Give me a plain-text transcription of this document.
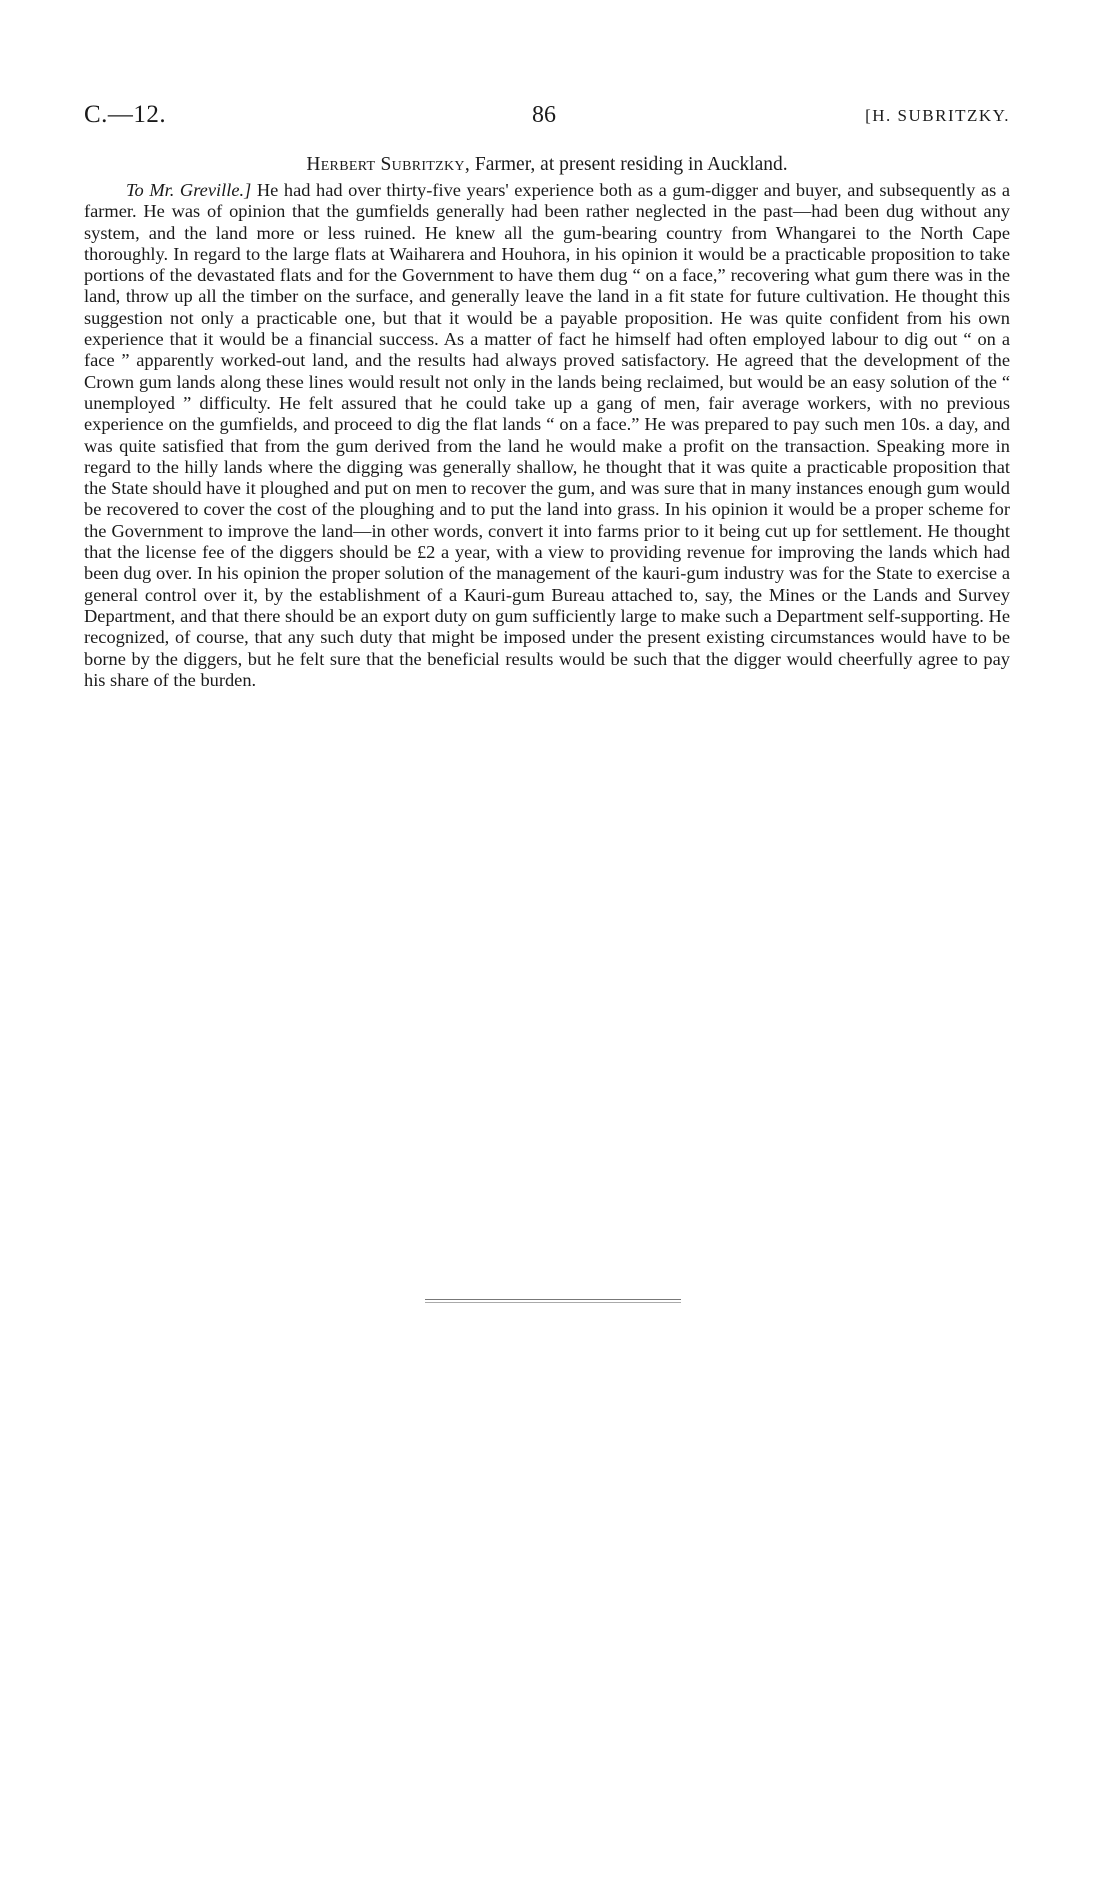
C.—12.	86	[H. SUBRITZKY.
Herbert Subritzky, Farmer, at present residing in Auckland.

To Mr. Greville.] He had had over thirty-five years' experience both as a gum-digger and buyer, and subsequently as a farmer. He was of opinion that the gumfields generally had been rather neglected in the past—had been dug without any system, and the land more or less ruined. He knew all the gum-bearing country from Whangarei to the North Cape thoroughly. In regard to the large flats at Waiharera and Houhora, in his opinion it would be a practicable proposition to take portions of the devastated flats and for the Government to have them dug “ on a face,” recovering what gum there was in the land, throw up all the timber on the surface, and generally leave the land in a fit state for future cultivation. He thought this suggestion not only a practicable one, but that it would be a payable proposition. He was quite confident from his own experience that it would be a financial success. As a matter of fact he himself had often employed labour to dig out “ on a face ” apparently worked-out land, and the results had always proved satisfactory. He agreed that the development of the Crown gum lands along these lines would result not only in the lands being reclaimed, but would be an easy solution of the “ unemployed ” difficulty. He felt assured that he could take up a gang of men, fair average workers, with no previous experience on the gumfields, and proceed to dig the flat lands “ on a face.” He was prepared to pay such men 10s. a day, and was quite satisfied that from the gum derived from the land he would make a profit on the transaction. Speaking more in regard to the hilly lands where the digging was generally shallow, he thought that it was quite a practicable proposition that the State should have it ploughed and put on men to recover the gum, and was sure that in many instances enough gum would be recovered to cover the cost of the ploughing and to put the land into grass. In his opinion it would be a proper scheme for the Government to improve the land—in other words, convert it into farms prior to it being cut up for settlement. He thought that the license fee of the diggers should be £2 a year, with a view to providing revenue for improving the lands which had been dug over. In his opinion the proper solution of the management of the kauri-gum industry was for the State to exercise a general control over it, by the establishment of a Kauri-gum Bureau attached to, say, the Mines or the Lands and Survey Department, and that there should be an export duty on gum sufficiently large to make such a Department self-supporting. He recognized, of course, that any such duty that might be imposed under the present existing circumstances would have to be borne by the diggers, but he felt sure that the beneficial results would be such that the digger would cheerfully agree to pay his share of the burden.
